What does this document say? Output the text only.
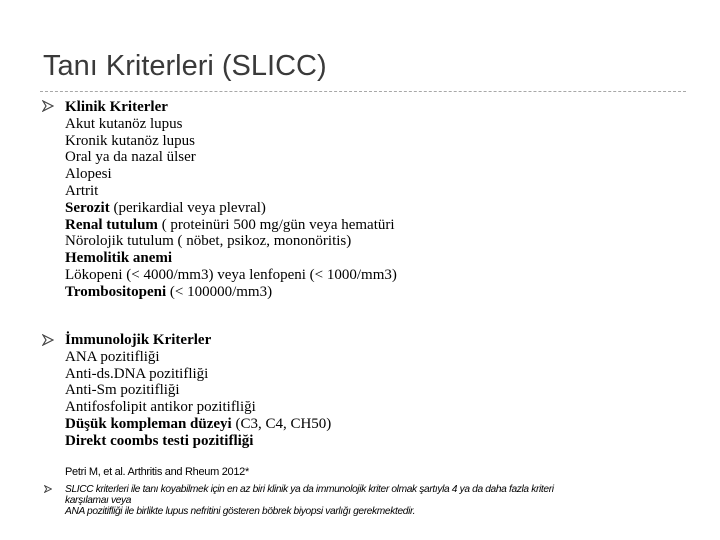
Tanı Kriterleri (SLICC)
Klinik Kriterler
Akut kutanöz lupus
Kronik kutanöz lupus
Oral ya da nazal ülser
Alopesi
Artrit
Serozit (perikardial veya plevral)
Renal tutulum ( proteinüri 500 mg/gün veya hematüri
Nörolojik tutulum ( nöbet, psikoz, mononöritis)
Hemolitik anemi
Lökopeni (< 4000/mm3) veya lenfopeni (< 1000/mm3)
Trombositopeni (< 100000/mm3)
İmmunolojik Kriterler
ANA pozitifliği
Anti-ds.DNA pozitifliği
Anti-Sm pozitifliği
Antifosfolipit antikor pozitifliği
Düşük kompleman düzeyi (C3, C4, CH50)
Direkt coombs testi pozitifliği
Petri M, et al. Arthritis and Rheum 2012*
SLICC kriterleri ile tanı koyabilmek için en az biri klinik ya da immunolojik kriter olmak şartıyla 4 ya da daha fazla kriteri
karşılamaı veya
ANA pozitifliği ile birlikte lupus nefritini gösteren böbrek biyopsi varlığı gerekmektedir.
